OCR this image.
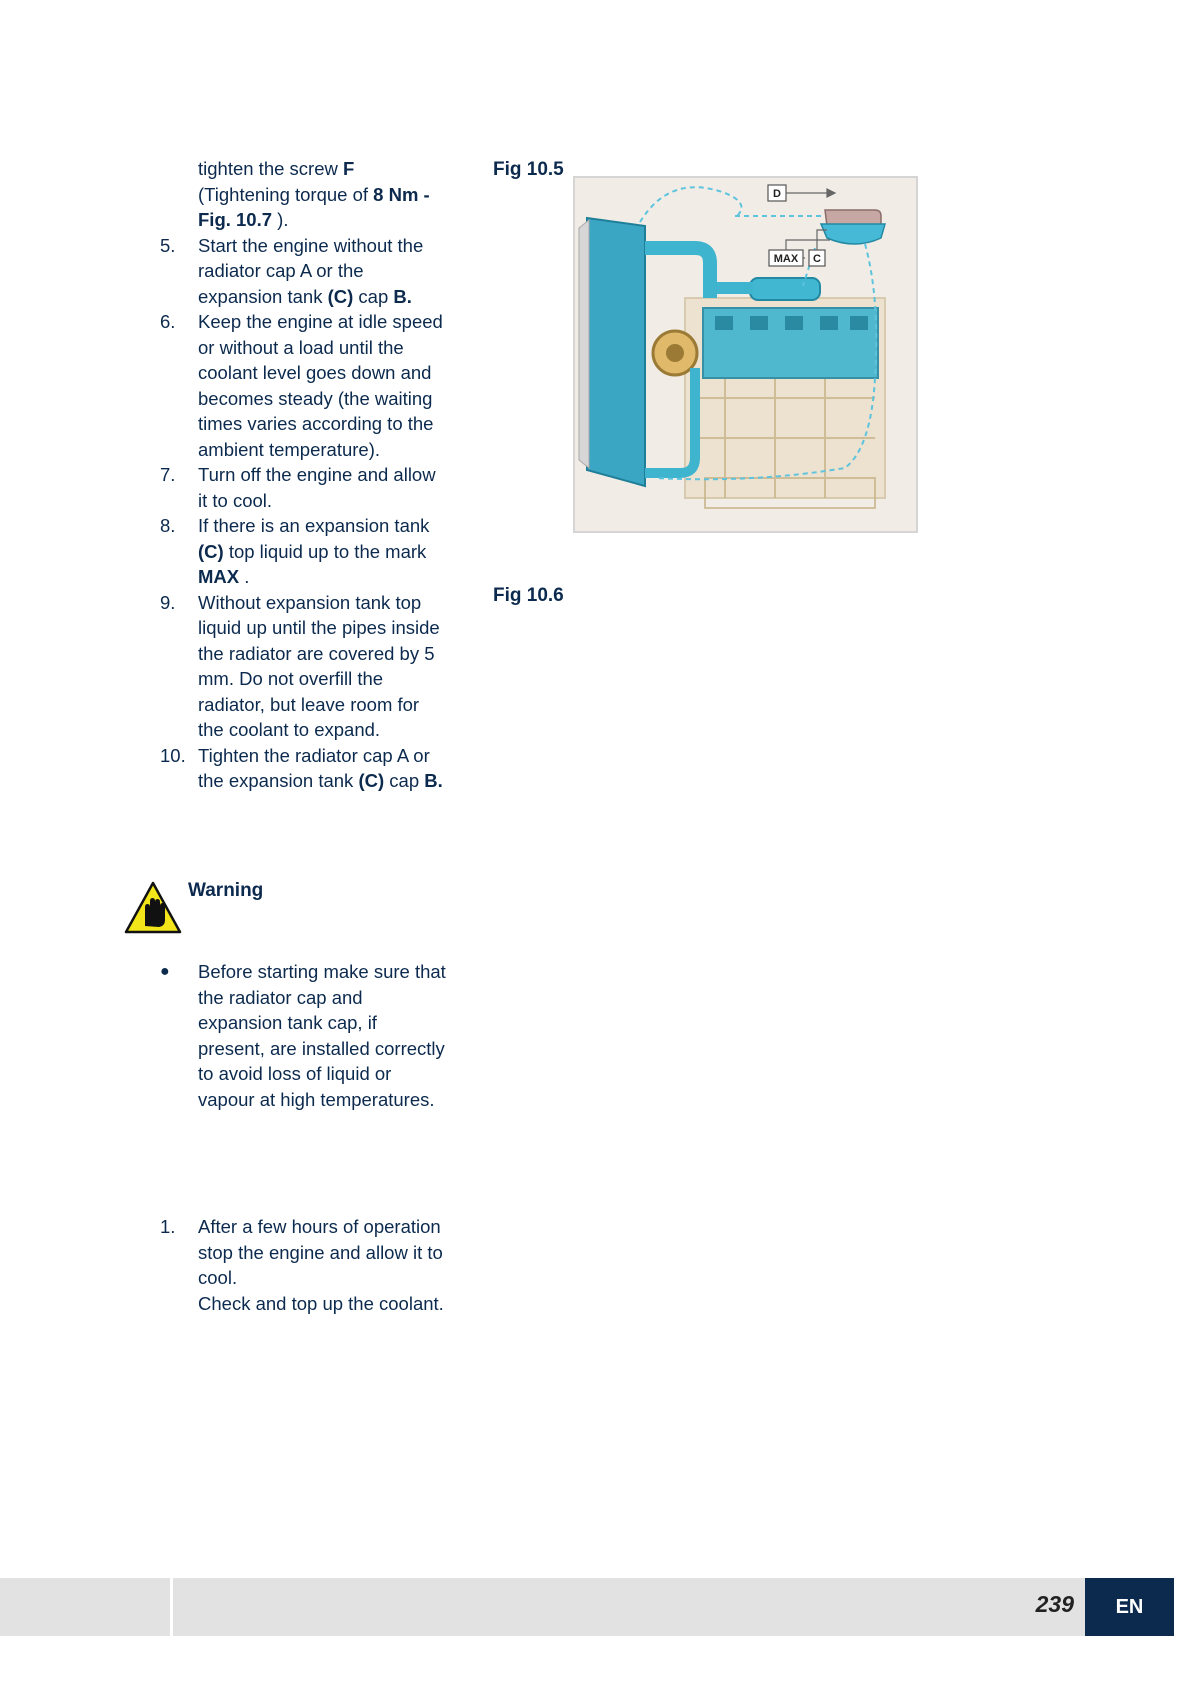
tighten the screw F
(Tightening torque of 8 Nm -
Fig. 10.7 ).
5. Start the engine without the
radiator cap A or the
expansion tank (C) cap B.
6. Keep the engine at idle speed
or without a load until the
coolant level goes down and
becomes steady (the waiting
times varies according to the
ambient temperature).
7. Turn off the engine and allow
it to cool.
8. If there is an expansion tank
(C) top liquid up to the mark
MAX .
9. Without expansion tank top
liquid up until the pipes inside
the radiator are covered by 5
mm. Do not overfill the
radiator, but leave room for
the coolant to expand.
10. Tighten the radiator cap A or
the expansion tank (C) cap B.
Fig 10.5
Fig 10.6
D
MAX C
Warning
● Before starting make sure that
the radiator cap and
expansion tank cap, if
present, are installed correctly
to avoid loss of liquid or
vapour at high temperatures.
1. After a few hours of operation
stop the engine and allow it to
cool.
Check and top up the coolant.
239	EN
